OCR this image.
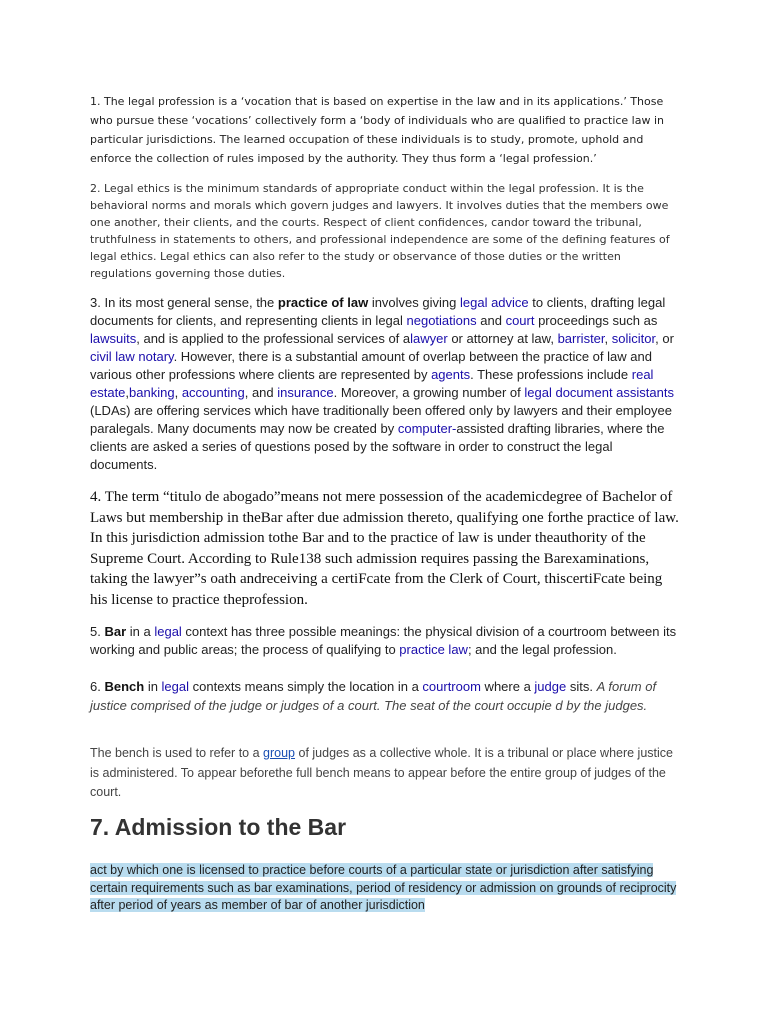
1. The legal profession is a ‘vocation that is based on expertise in the law and in its applications.’ Those who pursue these ‘vocations’ collectively form a ‘body of individuals who are qualified to practice law in particular jurisdictions. The learned occupation of these individuals is to study, promote, uphold and enforce the collection of rules imposed by the authority. They thus form a ‘legal profession.’

2. Legal ethics is the minimum standards of appropriate conduct within the legal profession. It is the behavioral norms and morals which govern judges and lawyers. It involves duties that the members owe one another, their clients, and the courts. Respect of client confidences, candor toward the tribunal, truthfulness in statements to others, and professional independence are some of the defining features of legal ethics. Legal ethics can also refer to the study or observance of those duties or the written regulations governing those duties.

3. In its most general sense, the practice of law involves giving legal advice to clients, drafting legal documents for clients, and representing clients in legal negotiations and court proceedings such as lawsuits, and is applied to the professional services of alawyer or attorney at law, barrister, solicitor, or civil law notary. However, there is a substantial amount of overlap between the practice of law and various other professions where clients are represented by agents. These professions include real estate,banking, accounting, and insurance. Moreover, a growing number of legal document assistants (LDAs) are offering services which have traditionally been offered only by lawyers and their employee paralegals. Many documents may now be created by computer-assisted drafting libraries, where the clients are asked a series of questions posed by the software in order to construct the legal documents.

4. The term “titulo de abogado”means not mere possession of the academicdegree of Bachelor of Laws but membership in theBar after due admission thereto, qualifying one forthe practice of law. In this jurisdiction admission tothe Bar and to the practice of law is under theauthority of the Supreme Court. According to Rule138 such admission requires passing the Barexaminations, taking the lawyer”s oath andreceiving a certiFcate from the Clerk of Court, thiscertiFcate being his license to practice theprofession.

5. Bar in a legal context has three possible meanings: the physical division of a courtroom between its working and public areas; the process of qualifying to practice law; and the legal profession.

6. Bench in legal contexts means simply the location in a courtroom where a judge sits. A forum of justice comprised of the judge or judges of a court. The seat of the court occupie d by the judges.

The bench is used to refer to a group of judges as a collective whole. It is a tribunal or place where justice is administered. To appear beforethe full bench means to appear before the entire group of judges of the court.

7. Admission to the Bar

act by which one is licensed to practice before courts of a particular state or jurisdiction after satisfying certain requirements such as bar examinations, period of residency or admission on grounds of reciprocity after period of years as member of bar of another jurisdiction
